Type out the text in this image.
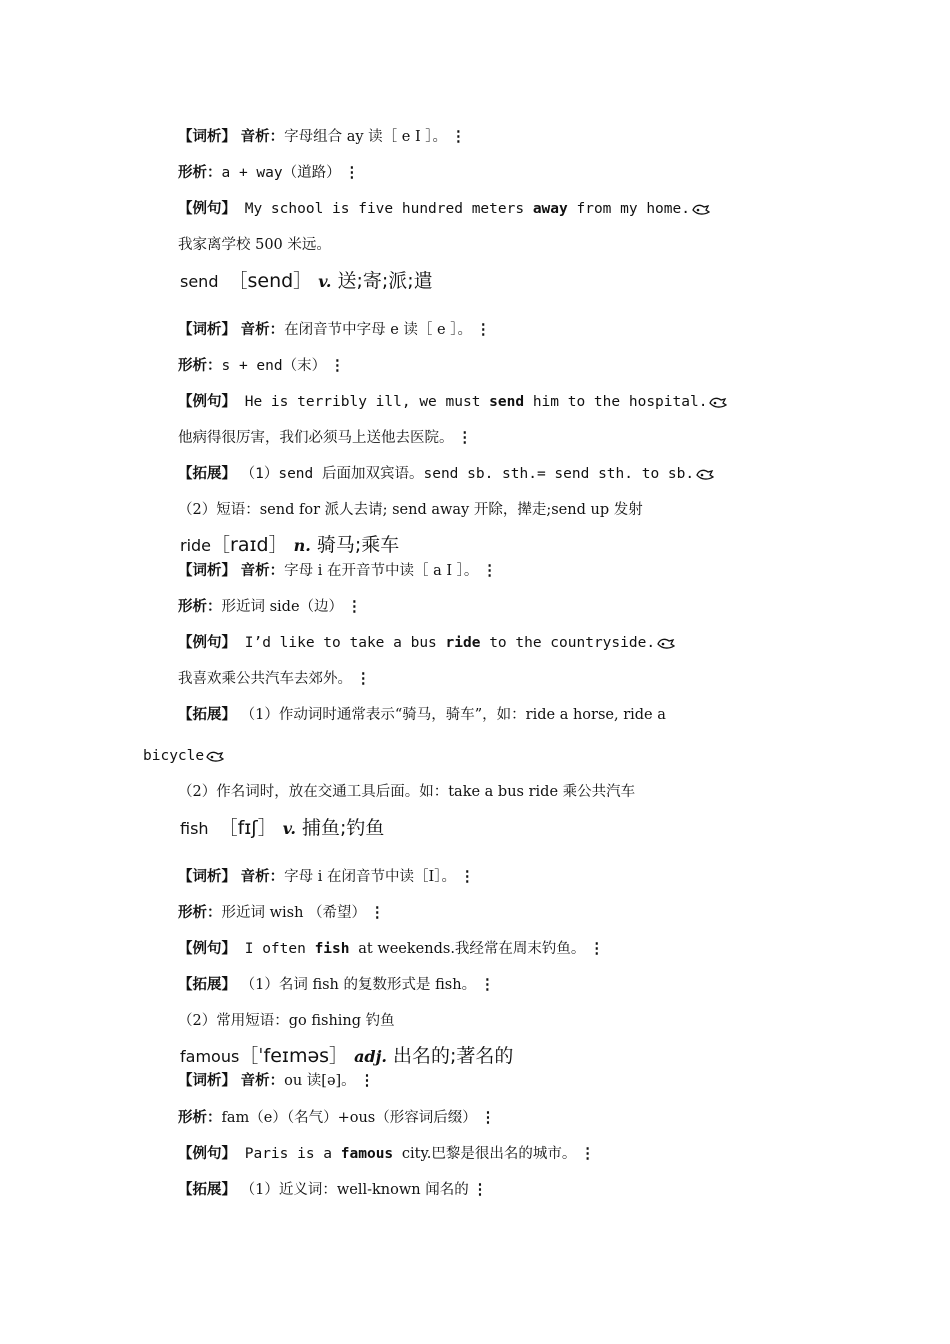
【词析】 音析：字母组合 ay 读［ e I ］。 ⋮
形析：a + way（道路） ⋮
【例句】 My school is five hundred meters away from my home.
我家离学校 500 米远。
send ［send］ v. 送;寄;派;遣
【词析】 音析：在闭音节中字母 e 读［ e ］。 ⋮
形析：s + end（末） ⋮
【例句】 He is terribly ill, we must send him to the hospital.
他病得很厉害，我们必须马上送他去医院。 ⋮
【拓展】 （1）send 后面加双宾语。send sb. sth.= send sth. to sb.
（2）短语：send for 派人去请; send away 开除，撵走;send up 发射
ride［raɪd］ n. 骑马;乘车
【词析】 音析：字母 i 在开音节中读［ a I ］。 ⋮
形析：形近词 side（边） ⋮
【例句】 I’d like to take a bus ride to the countryside.
我喜欢乘公共汽车去郊外。 ⋮
【拓展】 （1）作动词时通常表示“骑马，骑车”，如：ride a horse, ride a
bicycle
（2）作名词时，放在交通工具后面。如：take a bus ride 乘公共汽车
fish ［fɪʃ］ v. 捕鱼;钓鱼
【词析】 音析：字母 i 在闭音节中读［I］。 ⋮
形析：形近词 wish （希望） ⋮
【例句】 I often fish at weekends.我经常在周末钓鱼。 ⋮
【拓展】 （1）名词 fish 的复数形式是 fish。 ⋮
（2）常用短语：go fishing 钓鱼
famous［ˈfeɪməs］ adj. 出名的;著名的
【词析】 音析：ou 读[ə]。 ⋮
形析：fam（e）（名气）+ous（形容词后缀） ⋮
【例句】 Paris is a famous city.巴黎是很出名的城市。 ⋮
【拓展】 （1）近义词：well-known 闻名的 ⋮
